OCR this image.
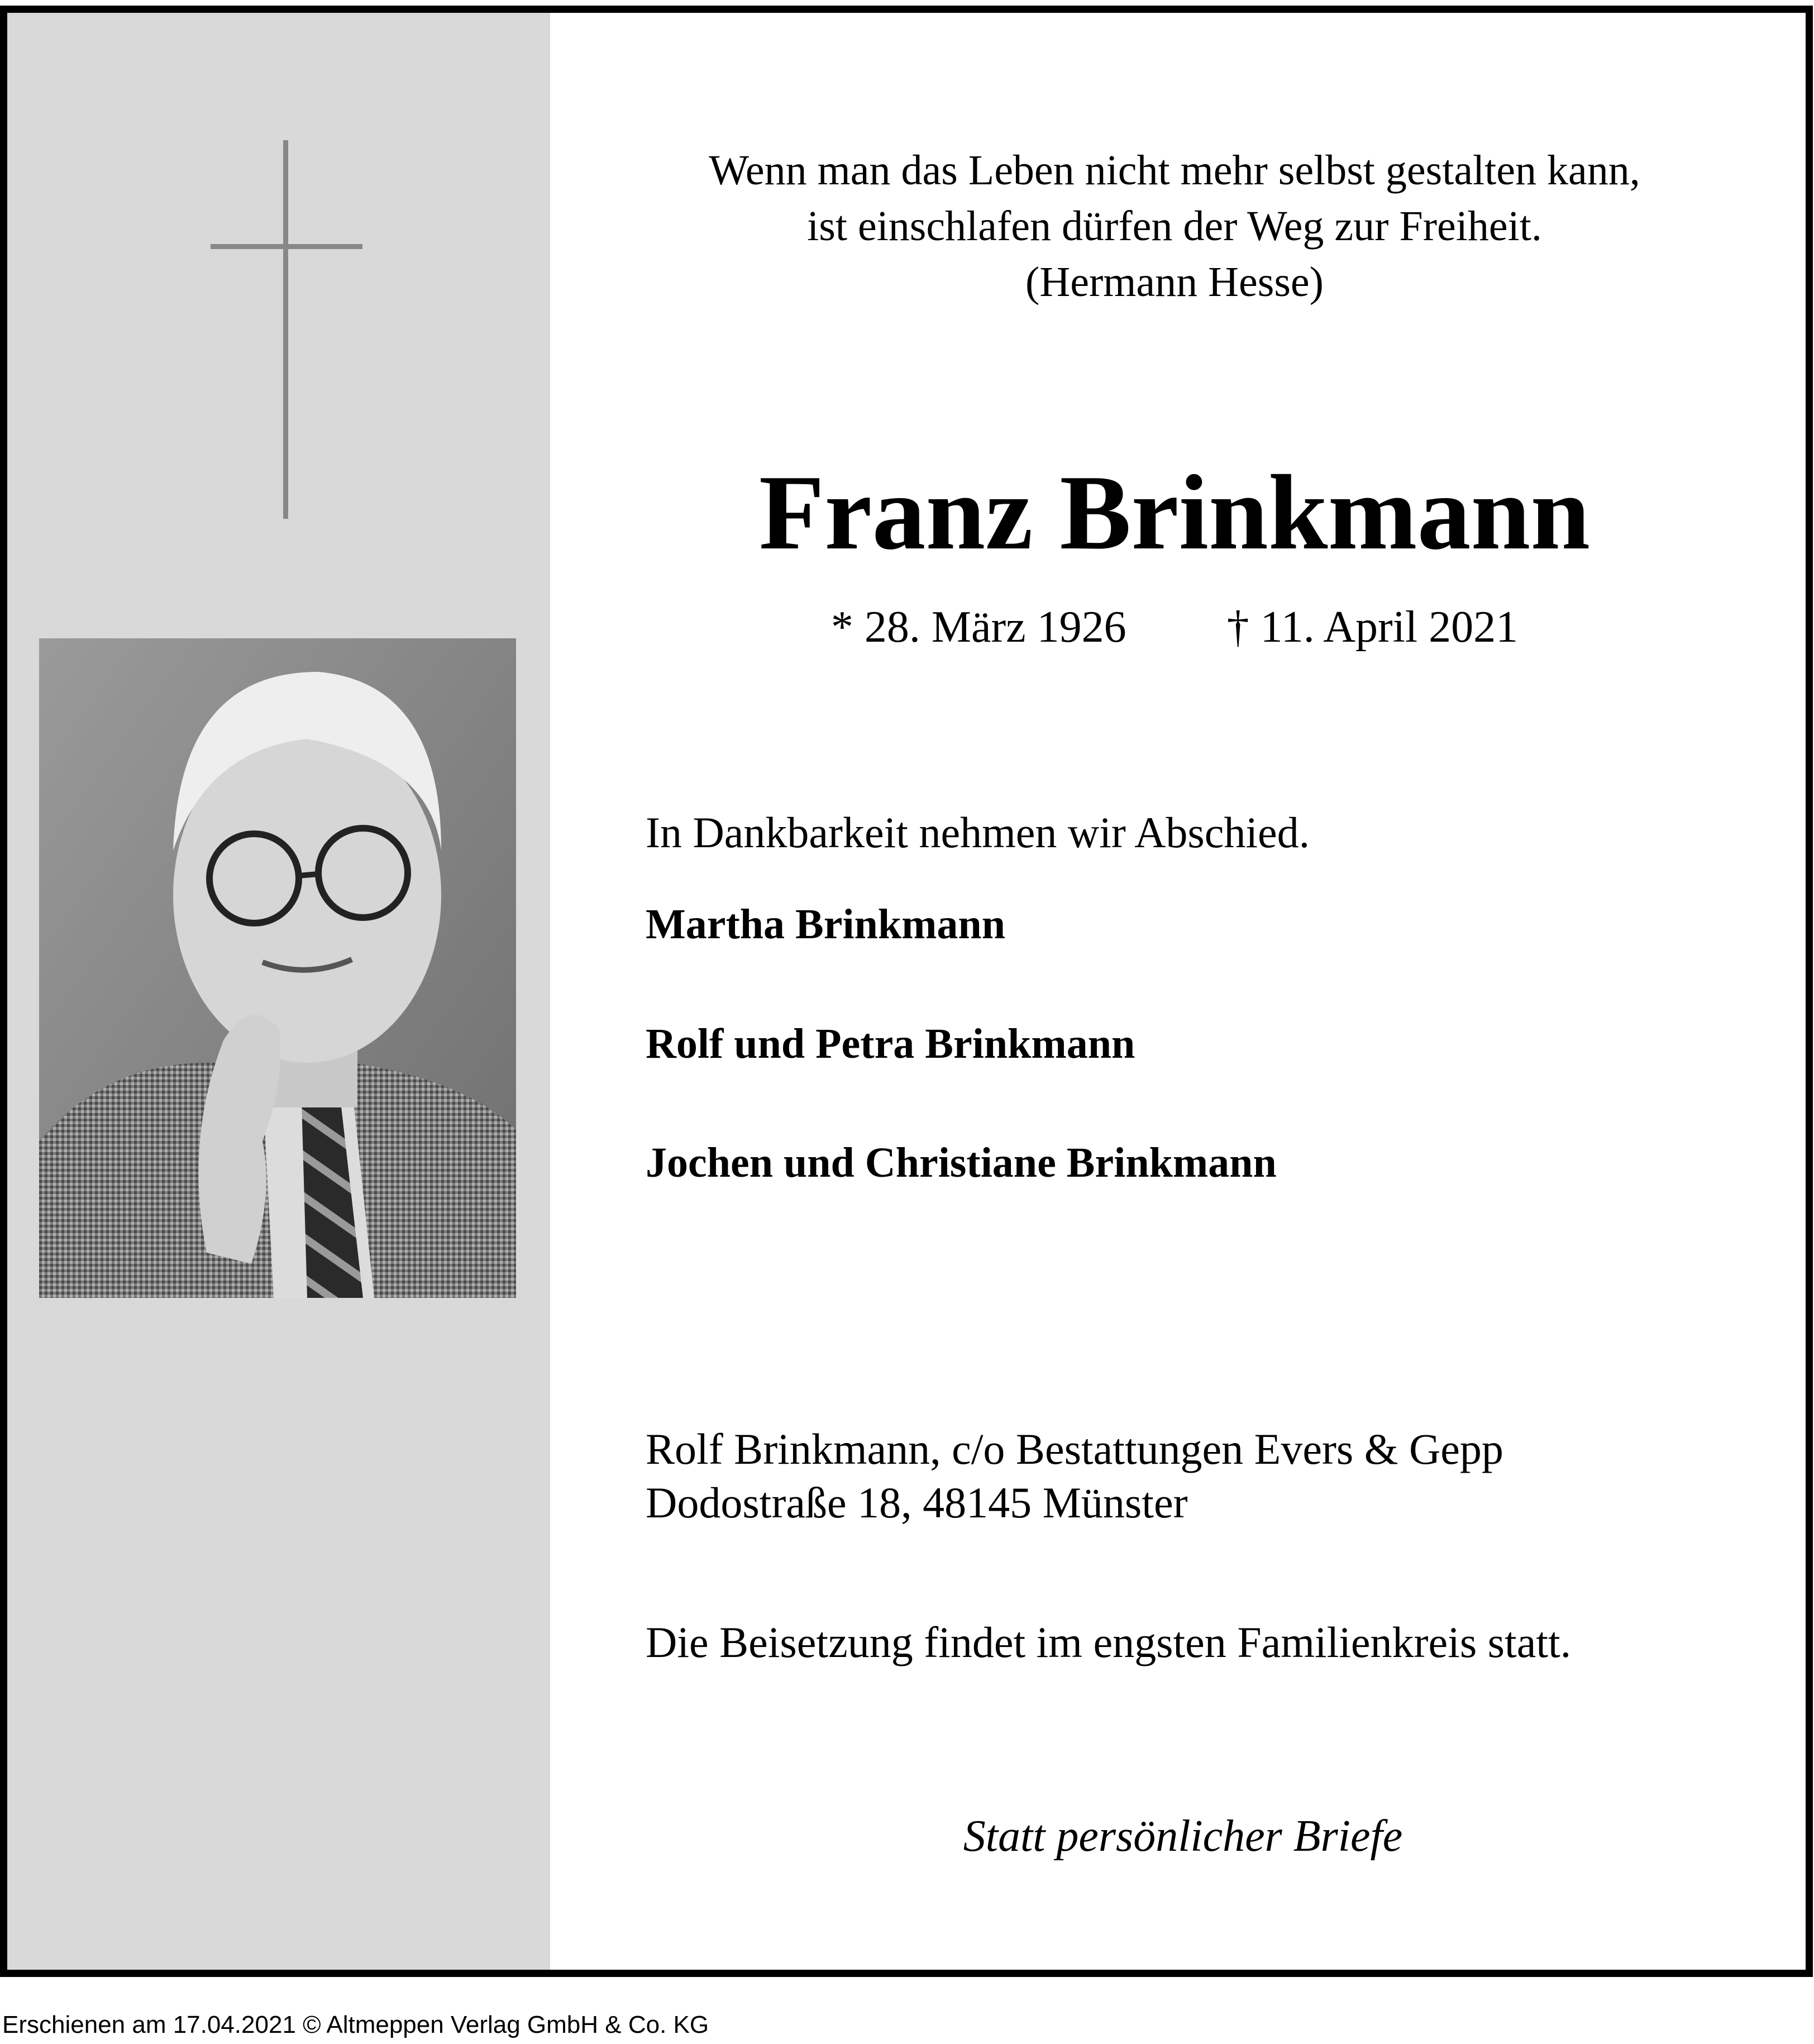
Wenn man das Leben nicht mehr selbst gestalten kann,
ist einschlafen dürfen der Weg zur Freiheit.
(Hermann Hesse)
Franz Brinkmann
* 28. März 1926 † 11. April 2021
In Dankbarkeit nehmen wir Abschied.
Martha Brinkmann
Rolf und Petra Brinkmann
Jochen und Christiane Brinkmann
Rolf Brinkmann, c/o Bestattungen Evers & Gepp
Dodostraße 18, 48145 Münster
Die Beisetzung findet im engsten Familienkreis statt.
Statt persönlicher Briefe
Erschienen am 17.04.2021 © Altmeppen Verlag GmbH & Co. KG
